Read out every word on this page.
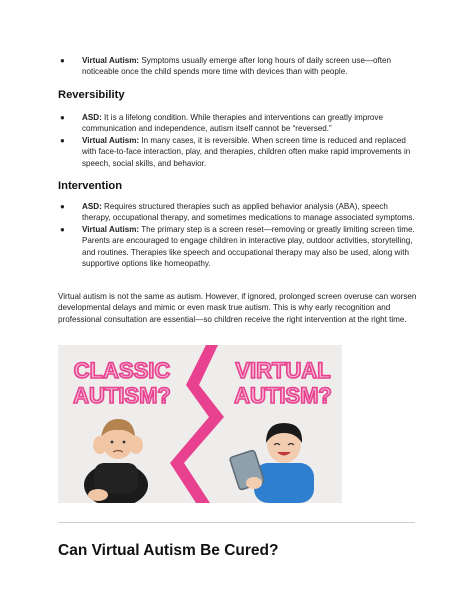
● Virtual Autism: Symptoms usually emerge after long hours of daily screen use—often noticeable once the child spends more time with devices than with people.
Reversibility
● ASD: It is a lifelong condition. While therapies and interventions can greatly improve communication and independence, autism itself cannot be “reversed.”
● Virtual Autism: In many cases, it is reversible. When screen time is reduced and replaced with face-to-face interaction, play, and therapies, children often make rapid improvements in speech, social skills, and behavior.
Intervention
● ASD: Requires structured therapies such as applied behavior analysis (ABA), speech therapy, occupational therapy, and sometimes medications to manage associated symptoms.
● Virtual Autism: The primary step is a screen reset—removing or greatly limiting screen time. Parents are encouraged to engage children in interactive play, outdoor activities, storytelling, and routines. Therapies like speech and occupational therapy may also be used, along with supportive options like homeopathy.
Virtual autism is not the same as autism. However, if ignored, prolonged screen overuse can worsen developmental delays and mimic or even mask true autism. This is why early recognition and professional consultation are essential—so children receive the right intervention at the right time.
CLASSIC
AUTISM?
VIRTUAL
AUTISM?
Can Virtual Autism Be Cured?
